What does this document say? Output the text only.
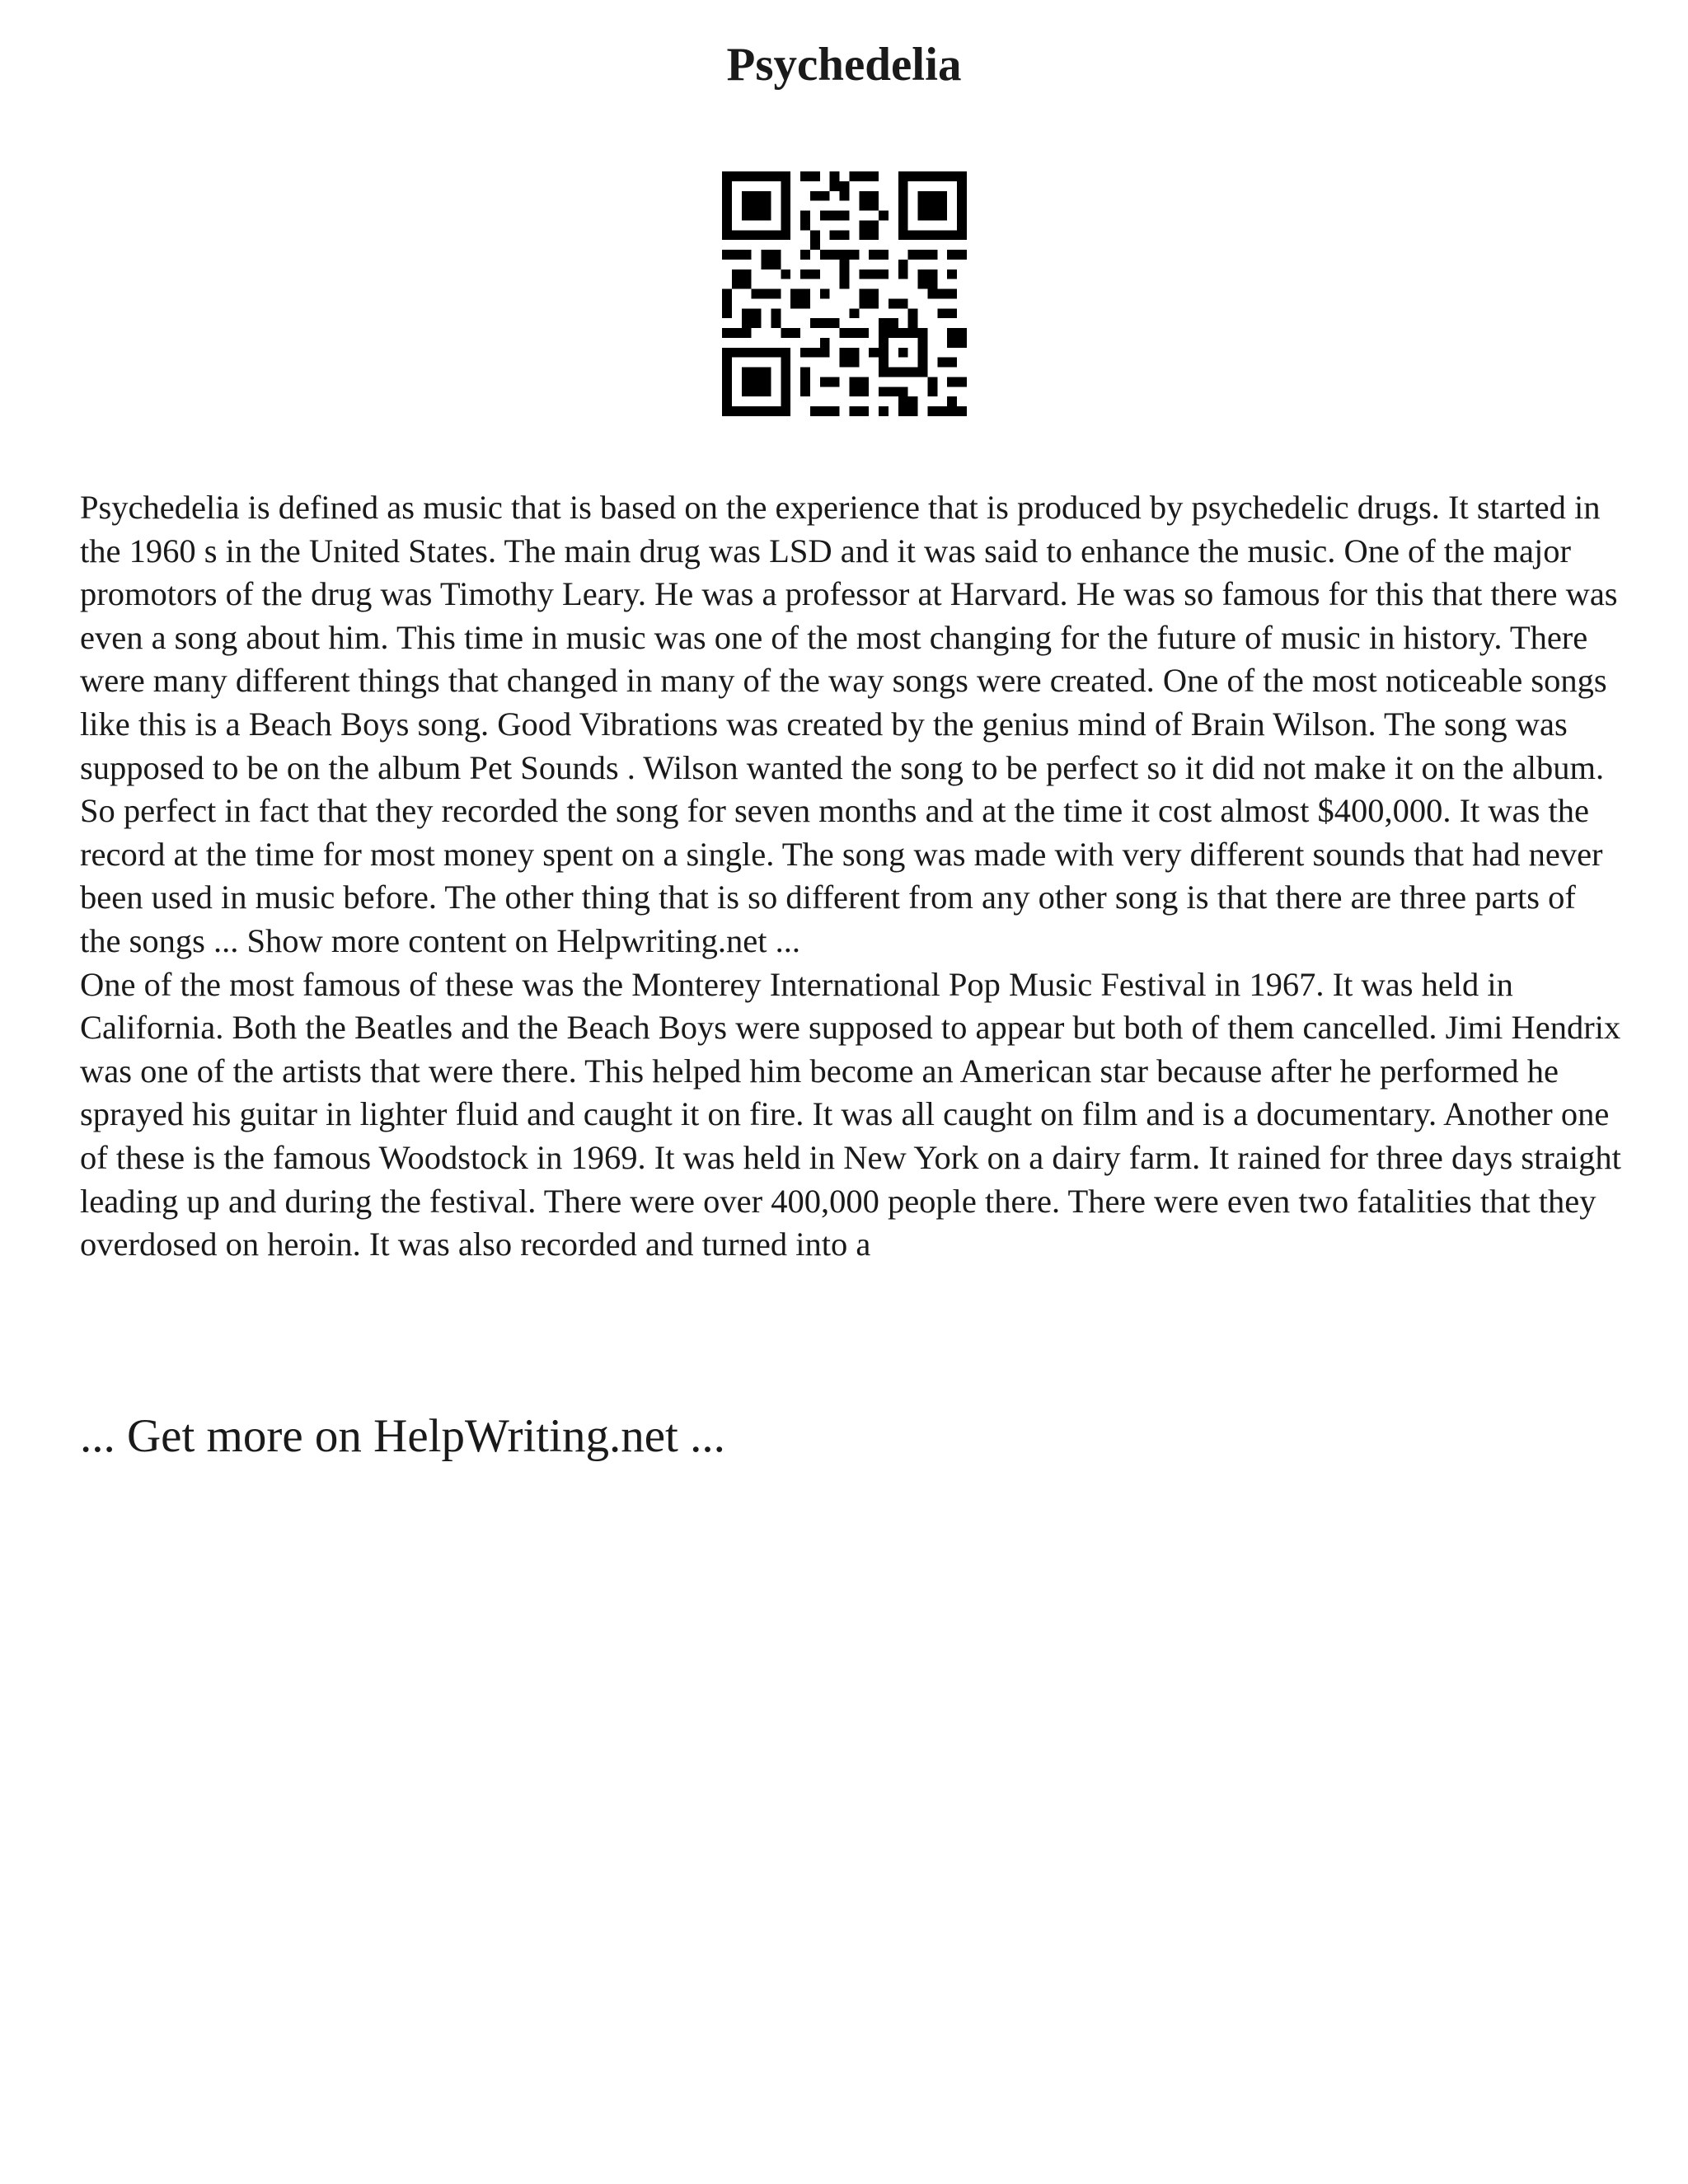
Psychedelia

Psychedelia is defined as music that is based on the experience that is produced by psychedelic drugs. It started in the 1960 s in the United States. The main drug was LSD and it was said to enhance the music. One of the major promotors of the drug was Timothy Leary. He was a professor at Harvard. He was so famous for this that there was even a song about him. This time in music was one of the most changing for the future of music in history. There were many different things that changed in many of the way songs were created. One of the most noticeable songs like this is a Beach Boys song. Good Vibrations was created by the genius mind of Brain Wilson. The song was supposed to be on the album Pet Sounds . Wilson wanted the song to be perfect so it did not make it on the album. So perfect in fact that they recorded the song for seven months and at the time it cost almost $400,000. It was the record at the time for most money spent on a single. The song was made with very different sounds that had never been used in music before. The other thing that is so different from any other song is that there are three parts of the songs ... Show more content on Helpwriting.net ...

One of the most famous of these was the Monterey International Pop Music Festival in 1967. It was held in California. Both the Beatles and the Beach Boys were supposed to appear but both of them cancelled. Jimi Hendrix was one of the artists that were there. This helped him become an American star because after he performed he sprayed his guitar in lighter fluid and caught it on fire. It was all caught on film and is a documentary. Another one of these is the famous Woodstock in 1969. It was held in New York on a dairy farm. It rained for three days straight leading up and during the festival. There were over 400,000 people there. There were even two fatalities that they overdosed on heroin. It was also recorded and turned into a

... Get more on HelpWriting.net ...
